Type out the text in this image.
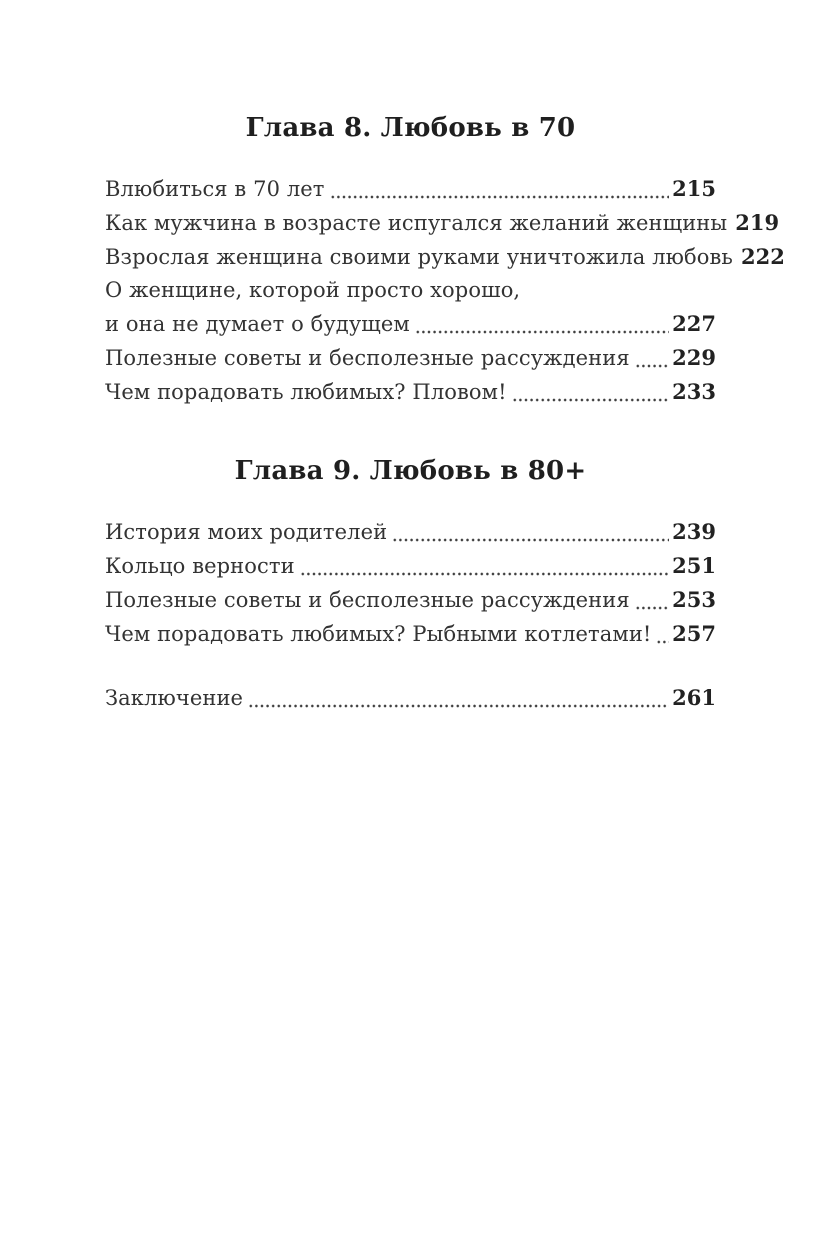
Глава 8. Любовь в 70
Влюбиться в 70 лет	215
Как мужчина в возрасте испугался желаний женщины 219
Взрослая женщина своими руками уничтожила любовь 222
О женщине, которой просто хорошо,
и она не думает о будущем	227
Полезные советы и бесполезные рассуждения 229
Чем порадовать любимых? Пловом!	233
Глава 9. Любовь в 80+
История моих родителей	239
Кольцо верности	251
Полезные советы и бесполезные рассуждения 253
Чем порадовать любимых? Рыбными котлетами! 257
Заключение	261
